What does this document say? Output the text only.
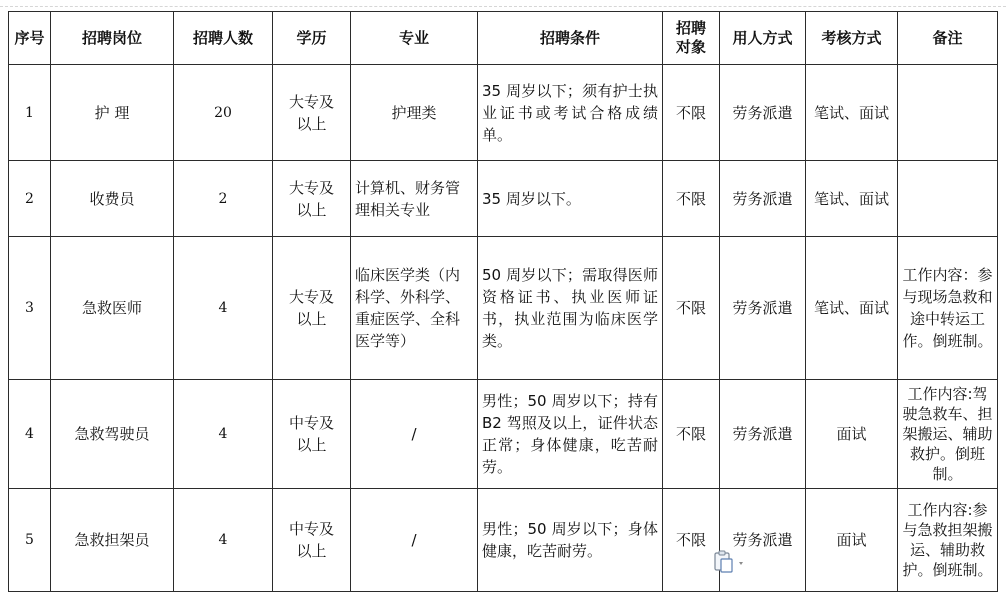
序号	招聘岗位	招聘人数	学历	专业	招聘条件	招聘对象	用人方式	考核方式	备注
1	护 理	20	大专及以上	护理类	35 周岁以下；须有护士执业证书或考试合格成绩单。	不限	劳务派遣	笔试、面试	
2	收费员	2	大专及以上	计算机、财务管理相关专业	35 周岁以下。	不限	劳务派遣	笔试、面试	
3	急救医师	4	大专及以上	临床医学类（内科学、外科学、重症医学、全科医学等）	50 周岁以下；需取得医师资格证书、执业医师证书，执业范围为临床医学类。	不限	劳务派遣	笔试、面试	工作内容：参与现场急救和途中转运工作。倒班制。
4	急救驾驶员	4	中专及以上	/	男性；50 周岁以下；持有 B2 驾照及以上，证件状态正常；身体健康，吃苦耐劳。	不限	劳务派遣	面试	工作内容:驾驶急救车、担架搬运、辅助救护。倒班制。
5	急救担架员	4	中专及以上	/	男性；50 周岁以下；身体健康，吃苦耐劳。	不限	劳务派遣	面试	工作内容:参与急救担架搬运、辅助救护。倒班制。
